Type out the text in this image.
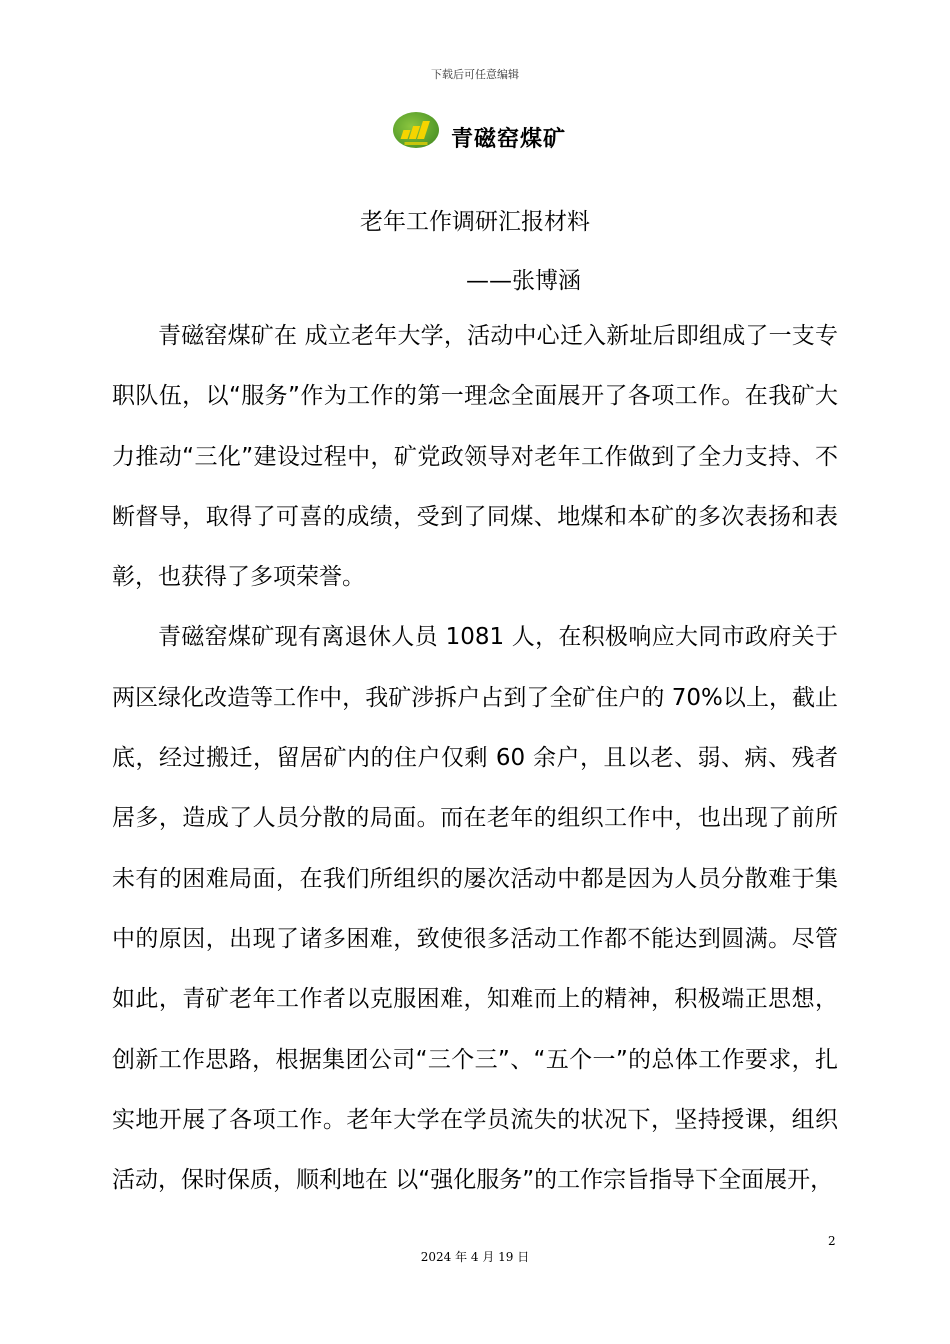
下载后可任意编辑
青磁窑煤矿
老年工作调研汇报材料
——张博涵

青磁窑煤矿在 成立老年大学，活动中心迁入新址后即组成了一支专职队伍，以“服务”作为工作的第一理念全面展开了各项工作。在我矿大力推动“三化”建设过程中，矿党政领导对老年工作做到了全力支持、不断督导，取得了可喜的成绩，受到了同煤、地煤和本矿的多次表扬和表彰，也获得了多项荣誉。

青磁窑煤矿现有离退休人员 1081 人，在积极响应大同市政府关于两区绿化改造等工作中，我矿涉拆户占到了全矿住户的 70%以上，截止底，经过搬迁，留居矿内的住户仅剩 60 余户，且以老、弱、病、残者居多，造成了人员分散的局面。而在老年的组织工作中，也出现了前所未有的困难局面，在我们所组织的屡次活动中都是因为人员分散难于集中的原因，出现了诸多困难，致使很多活动工作都不能达到圆满。尽管如此，青矿老年工作者以克服困难，知难而上的精神，积极端正思想，创新工作思路，根据集团公司“三个三”、“五个一”的总体工作要求，扎实地开展了各项工作。老年大学在学员流失的状况下，坚持授课，组织活动，保时保质，顺利地在 以“强化服务”的工作宗旨指导下全面展开，

2
2024 年 4 月 19 日
